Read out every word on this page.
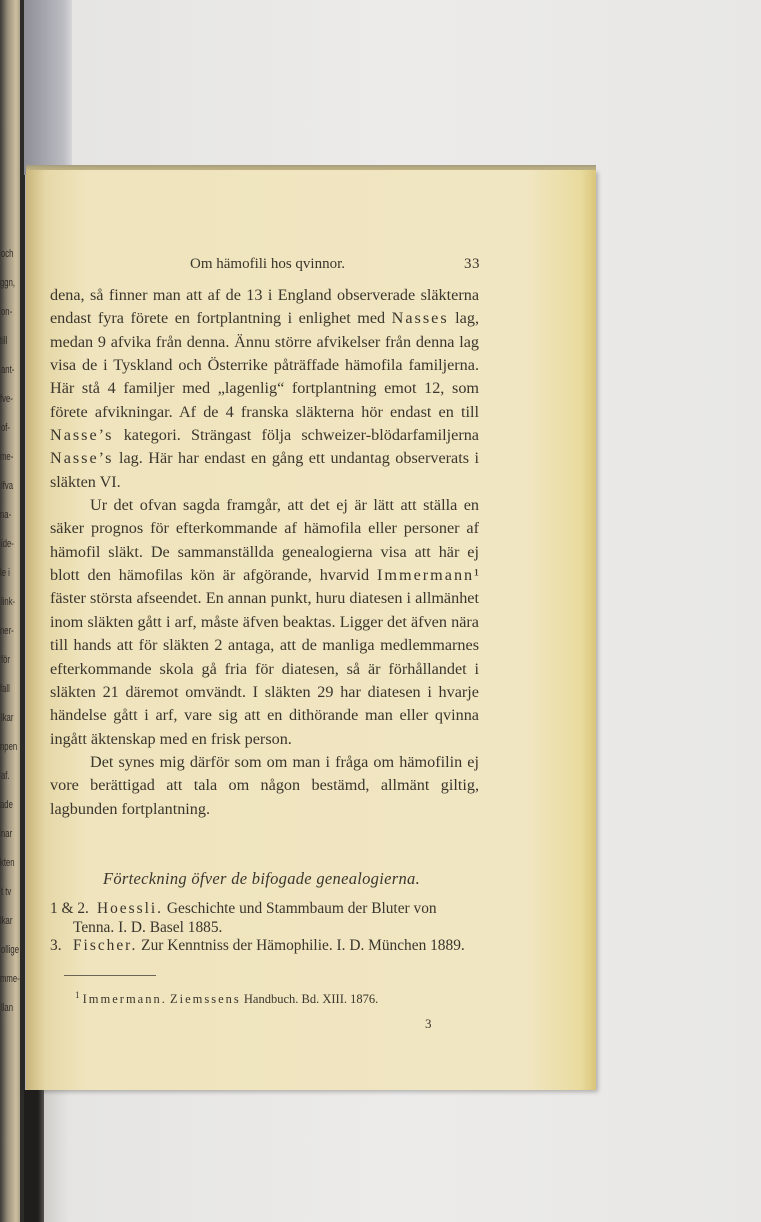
och
ggn,
on-
till
ant-
fve-
of-
me-
ifva
na-
ide-
le i
link-
ner-
för
fall
lkar
npen
af.
ade
nar
kten
t tv
lkar
ollige
mme-
llan
Om hämofili hos qvinnor.	33

dena, så finner man att af de 13 i England observerade släkterna endast fyra förete en fortplantning i enlighet med Nasses lag, medan 9 afvika från denna. Ännu större afvikelser från denna lag visa de i Tyskland och Österrike påträffade hämofila familjerna. Här stå 4 familjer med „lagenlig“ fortplantning emot 12, som förete afvikningar. Af de 4 franska släkterna hör endast en till Nasse’s kategori. Strängast följa schweizer-blödarfamiljerna Nasse’s lag. Här har endast en gång ett undantag observerats i släkten VI.

Ur det ofvan sagda framgår, att det ej är lätt att ställa en säker prognos för efterkommande af hämofila eller personer af hämofil släkt. De sammanställda genealogierna visa att här ej blott den hämofilas kön är afgörande, hvarvid Immermann¹ fäster största afseendet. En annan punkt, huru diatesen i allmänhet inom släkten gått i arf, måste äfven beaktas. Ligger det äfven nära till hands att för släkten 2 antaga, att de manliga medlemmarnes efterkommande skola gå fria för diatesen, så är förhållandet i släkten 21 däremot omvändt. I släkten 29 har diatesen i hvarje händelse gått i arf, vare sig att en dithörande man eller qvinna ingått äktenskap med en frisk person.

Det synes mig därför som om man i fråga om hämofilin ej vore berättigad att tala om någon bestämd, allmänt giltig, lagbunden fortplantning.

Förteckning öfver de bifogade genealogierna.
1 & 2. Hoessli. Geschichte und Stammbaum der Bluter von Tenna. I. D. Basel 1885.
3. Fischer. Zur Kenntniss der Hämophilie. I. D. München 1889.
$^1$ Immermann. Ziemssens Handbuch. Bd. XIII. 1876.
3
